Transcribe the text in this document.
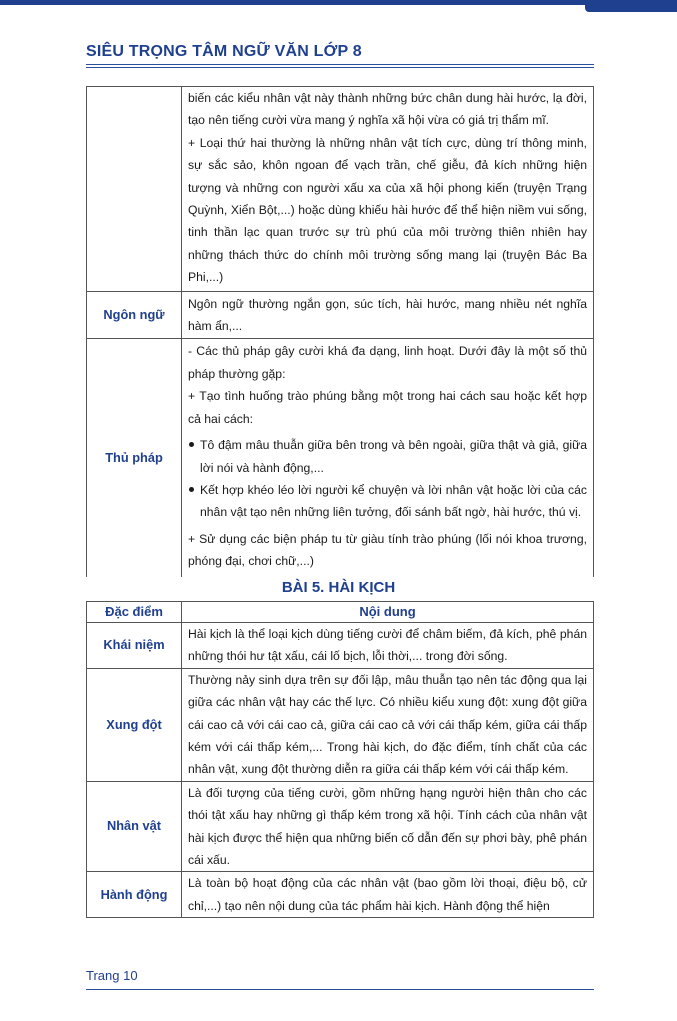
SIÊU TRỌNG TÂM NGỮ VĂN LỚP 8

	biến các kiểu nhân vật này thành những bức chân dung hài hước, lạ đời, tạo nên tiếng cười vừa mang ý nghĩa xã hội vừa có giá trị thẩm mĩ.
+ Loại thứ hai thường là những nhân vật tích cực, dùng trí thông minh, sự sắc sảo, khôn ngoan để vạch trần, chế giễu, đả kích những hiện tượng và những con người xấu xa của xã hội phong kiến (truyện Trạng Quỳnh, Xiển Bột,...) hoặc dùng khiếu hài hước để thể hiện niềm vui sống, tinh thần lạc quan trước sự trù phú của môi trường thiên nhiên hay những thách thức do chính môi trường sống mang lại (truyện Bác Ba Phi,...)

Ngôn ngữ	Ngôn ngữ thường ngắn gọn, súc tích, hài hước, mang nhiều nét nghĩa hàm ẩn,...
Thủ pháp	- Các thủ pháp gây cười khá đa dạng, linh hoạt. Dưới đây là một số thủ pháp thường gặp:
+ Tạo tình huống trào phúng bằng một trong hai cách sau hoặc kết hợp cả hai cách:
Tô đậm mâu thuẫn giữa bên trong và bên ngoài, giữa thật và giả, giữa lời nói và hành động,...
Kết hợp khéo léo lời người kể chuyện và lời nhân vật hoặc lời của các nhân vật tạo nên những liên tưởng, đối sánh bất ngờ, hài hước, thú vị.
+ Sử dụng các biện pháp tu từ giàu tính trào phúng (lối nói khoa trương, phóng đại, chơi chữ,...)
BÀI 5. HÀI KỊCH
Đặc điểm	Nội dung
Khái niệm	Hài kịch là thể loại kịch dùng tiếng cười để châm biếm, đả kích, phê phán những thói hư tật xấu, cái lố bịch, lỗi thời,... trong đời sống.
Xung đột	Thường nảy sinh dựa trên sự đối lập, mâu thuẫn tạo nên tác động qua lại giữa các nhân vật hay các thế lực. Có nhiều kiểu xung đột: xung đột giữa cái cao cả với cái cao cả, giữa cái cao cả với cái thấp kém, giữa cái thấp kém với cái thấp kém,... Trong hài kịch, do đặc điểm, tính chất của các nhân vật, xung đột thường diễn ra giữa cái thấp kém với cái thấp kém.
Nhân vật	Là đối tượng của tiếng cười, gồm những hạng người hiện thân cho các thói tật xấu hay những gì thấp kém trong xã hội. Tính cách của nhân vật hài kịch được thể hiện qua những biến cố dẫn đến sự phơi bày, phê phán cái xấu.
Hành động	Là toàn bộ hoạt động của các nhân vật (bao gồm lời thoại, điệu bộ, cử chỉ,...) tạo nên nội dung của tác phẩm hài kịch. Hành động thể hiện
Trang 10
